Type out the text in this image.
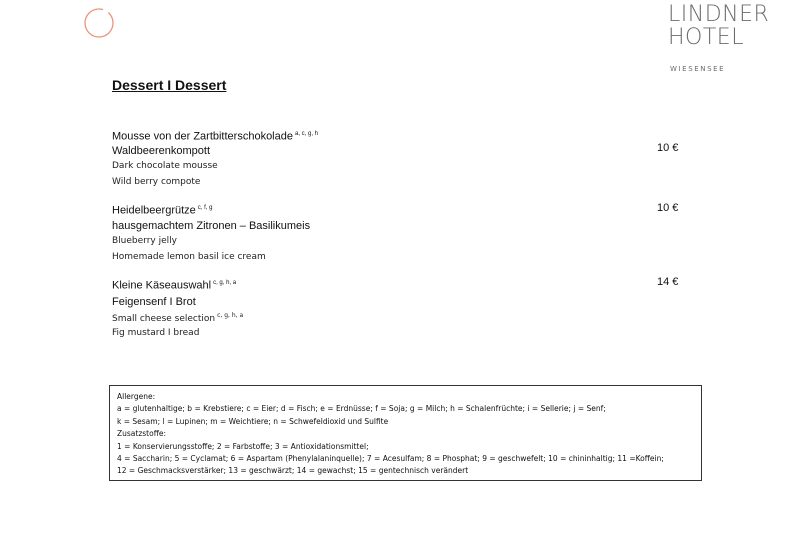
LINDNER
HOTEL
WIESENSEE
Dessert I Dessert
Mousse von der Zartbitterschokolade $^{a, c, g, h}$
Waldbeerenkompott
Dark chocolate mousse
Wild berry compote
10 €
Heidelbeergrütze $^{c, f, g}$
hausgemachtem Zitronen – Basilikumeis
Blueberry jelly
Homemade lemon basil ice cream
10 €
Kleine Käseauswahl $^{c, g, h, a}$
Feigensenf I Brot
Small cheese selection $^{c, g, h, a}$
Fig mustard I bread
14 €
Allergene:
a = glutenhaltige; b = Krebstiere; c = Eier; d = Fisch; e = Erdnüsse; f = Soja; g = Milch; h = Schalenfrüchte; i = Sellerie; j = Senf;
k = Sesam; l = Lupinen; m = Weichtiere; n = Schwefeldioxid und Sulfite
Zusatzstoffe:
1 = Konservierungsstoffe; 2 = Farbstoffe; 3 = Antioxidationsmittel;
4 = Saccharin; 5 = Cyclamat; 6 = Aspartam (Phenylalaninquelle); 7 = Acesulfam; 8 = Phosphat; 9 = geschwefelt; 10 = chininhaltig; 11 =Koffein;
12 = Geschmacksverstärker; 13 = geschwärzt; 14 = gewachst; 15 = gentechnisch verändert
